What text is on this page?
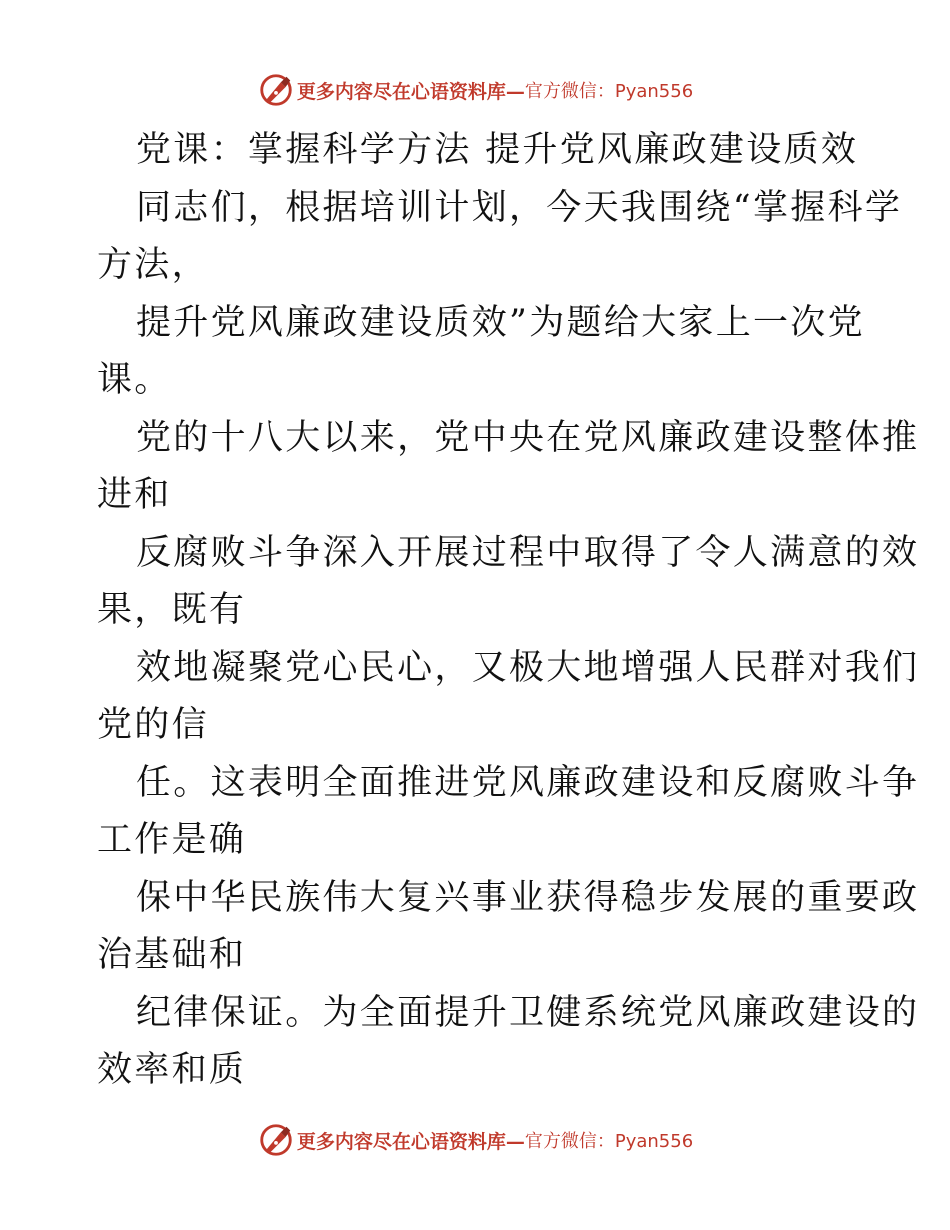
更多内容尽在心语资料库— 官方微信：Pyan556
党课：掌握科学方法 提升党风廉政建设质效
同志们，根据培训计划，今天我围绕“掌握科学
方法，
提升党风廉政建设质效”为题给大家上一次党
课。
党的十八大以来，党中央在党风廉政建设整体推
进和
反腐败斗争深入开展过程中取得了令人满意的效
果，既有
效地凝聚党心民心，又极大地增强人民群对我们
党的信
任。这表明全面推进党风廉政建设和反腐败斗争
工作是确
保中华民族伟大复兴事业获得稳步发展的重要政
治基础和
纪律保证。为全面提升卫健系统党风廉政建设的
效率和质
更多内容尽在心语资料库— 官方微信：Pyan556
